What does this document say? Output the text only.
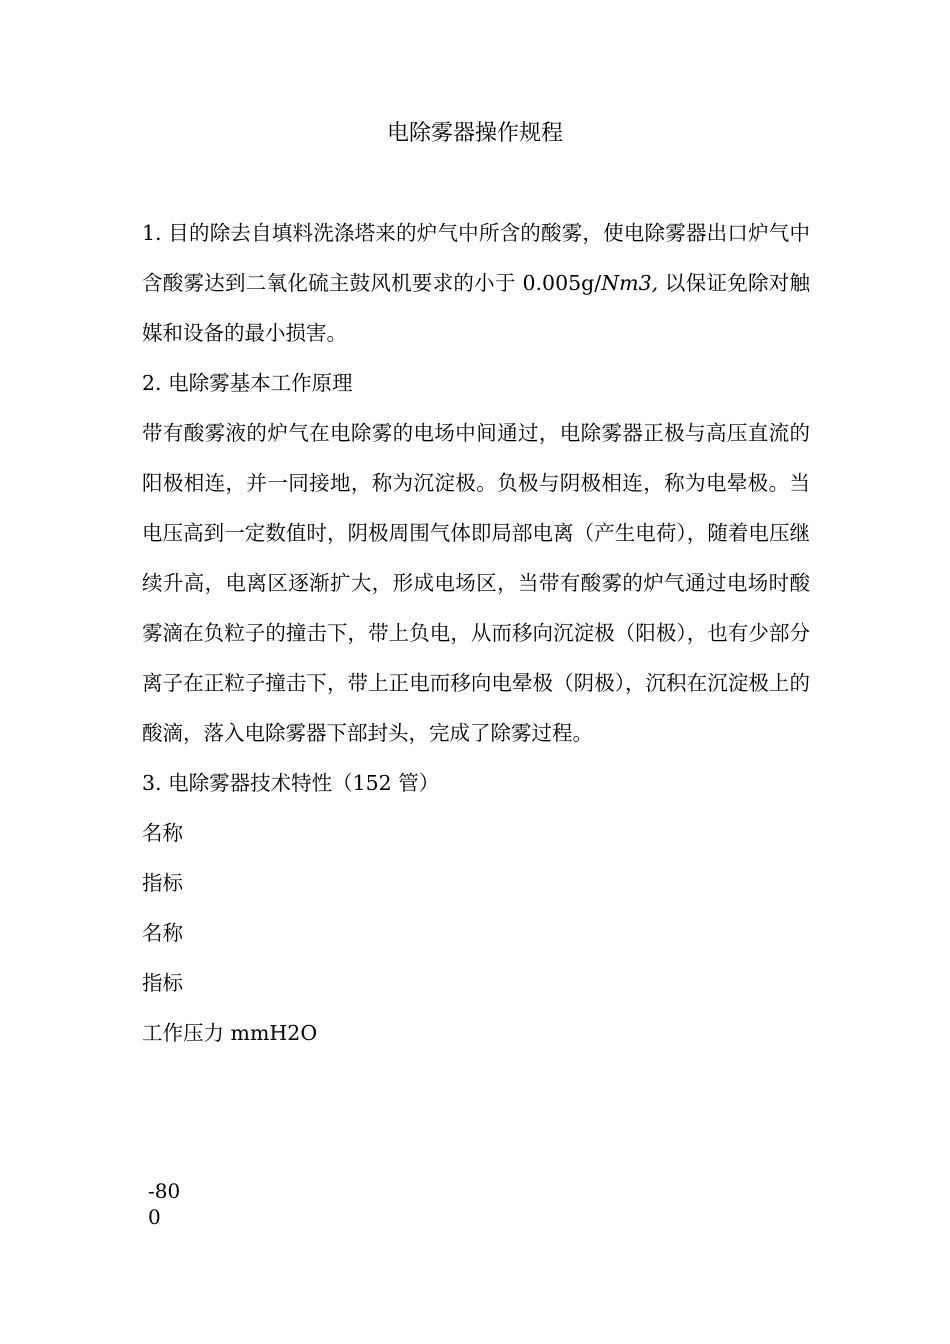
电除雾器操作规程

1. 目的除去自填料洗涤塔来的炉气中所含的酸雾，使电除雾器出口炉气中含酸雾达到二氧化硫主鼓风机要求的小于 0.005g/Nm3, 以保证免除对触媒和设备的最小损害。

2. 电除雾基本工作原理

带有酸雾液的炉气在电除雾的电场中间通过，电除雾器正极与高压直流的阳极相连，并一同接地，称为沉淀极。负极与阴极相连，称为电晕极。当电压高到一定数值时，阴极周围气体即局部电离（产生电荷），随着电压继续升高，电离区逐渐扩大，形成电场区，当带有酸雾的炉气通过电场时酸雾滴在负粒子的撞击下，带上负电，从而移向沉淀极（阳极），也有少部分离子在正粒子撞击下，带上正电而移向电晕极（阴极），沉积在沉淀极上的酸滴，落入电除雾器下部封头，完成了除雾过程。

3. 电除雾器技术特性（152 管）

名称

指标

名称

指标

工作压力 mmH2O

-80
0
